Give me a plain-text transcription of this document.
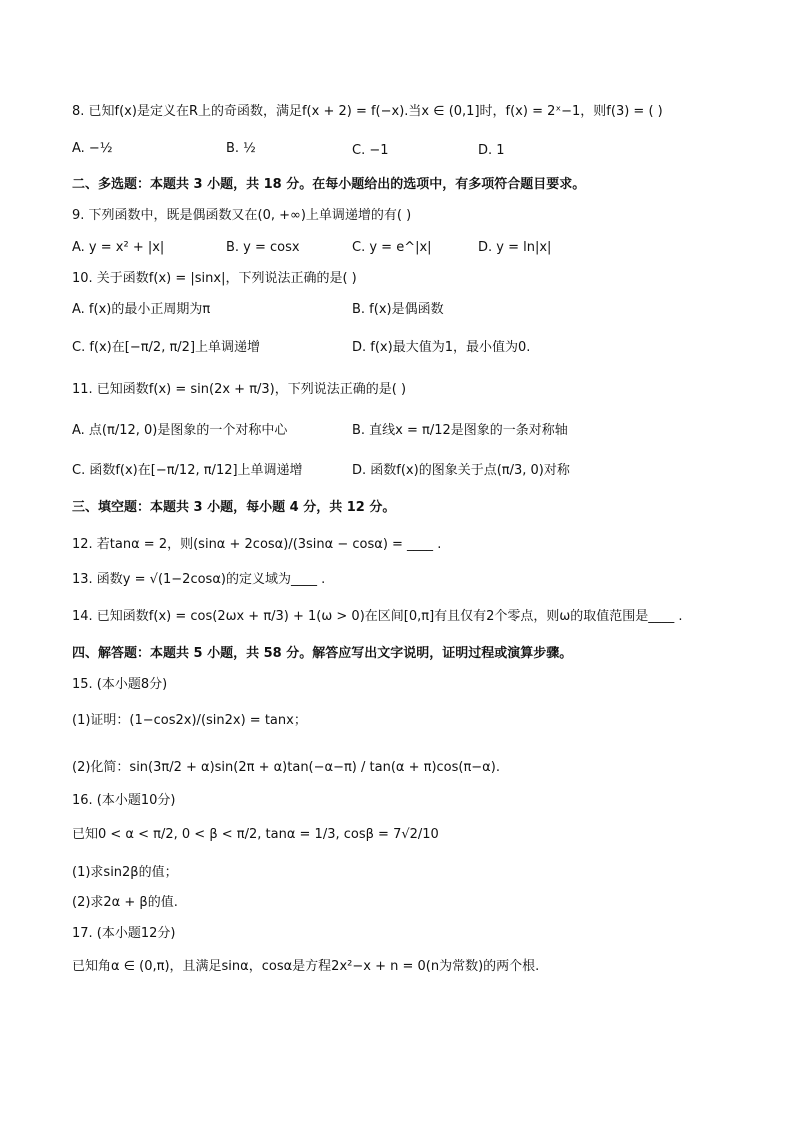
8. 已知f(x)是定义在R上的奇函数，满足f(x + 2) = f(−x).当x ∈ (0,1]时，f(x) = 2ˣ−1，则f(3) = ( )
A. −½	B. ½	C. −1	D. 1
二、多选题：本题共 3 小题，共 18 分。在每小题给出的选项中，有多项符合题目要求。
9. 下列函数中，既是偶函数又在(0, +∞)上单调递增的有( )
A. y = x² + |x|	B. y = cosx	C. y = e^|x|	D. y = ln|x|
10. 关于函数f(x) = |sinx|，下列说法正确的是( )
A. f(x)的最小正周期为π	B. f(x)是偶函数
C. f(x)在[−π/2, π/2]上单调递增	D. f(x)最大值为1，最小值为0.
11. 已知函数f(x) = sin(2x + π/3)，下列说法正确的是( )
A. 点(π/12, 0)是图象的一个对称中心	B. 直线x = π/12是图象的一条对称轴
C. 函数f(x)在[−π/12, π/12]上单调递增	D. 函数f(x)的图象关于点(π/3, 0)对称
三、填空题：本题共 3 小题，每小题 4 分，共 12 分。
12. 若tanα = 2，则(sinα + 2cosα)/(3sinα − cosα) = ____ .
13. 函数y = √(1−2cosα)的定义域为____ .
14. 已知函数f(x) = cos(2ωx + π/3) + 1(ω > 0)在区间[0,π]有且仅有2个零点，则ω的取值范围是____ .
四、解答题：本题共 5 小题，共 58 分。解答应写出文字说明，证明过程或演算步骤。
15. (本小题8分)
(1)证明：(1−cos2x)/(sin2x) = tanx；
(2)化简：sin(3π/2 + α)sin(2π + α)tan(−α−π) / tan(α + π)cos(π−α).
16. (本小题10分)
已知0 < α < π/2, 0 < β < π/2, tanα = 1/3, cosβ = 7√2/10
(1)求sin2β的值；
(2)求2α + β的值.
17. (本小题12分)
已知角α ∈ (0,π)，且满足sinα，cosα是方程2x²−x + n = 0(n为常数)的两个根.
